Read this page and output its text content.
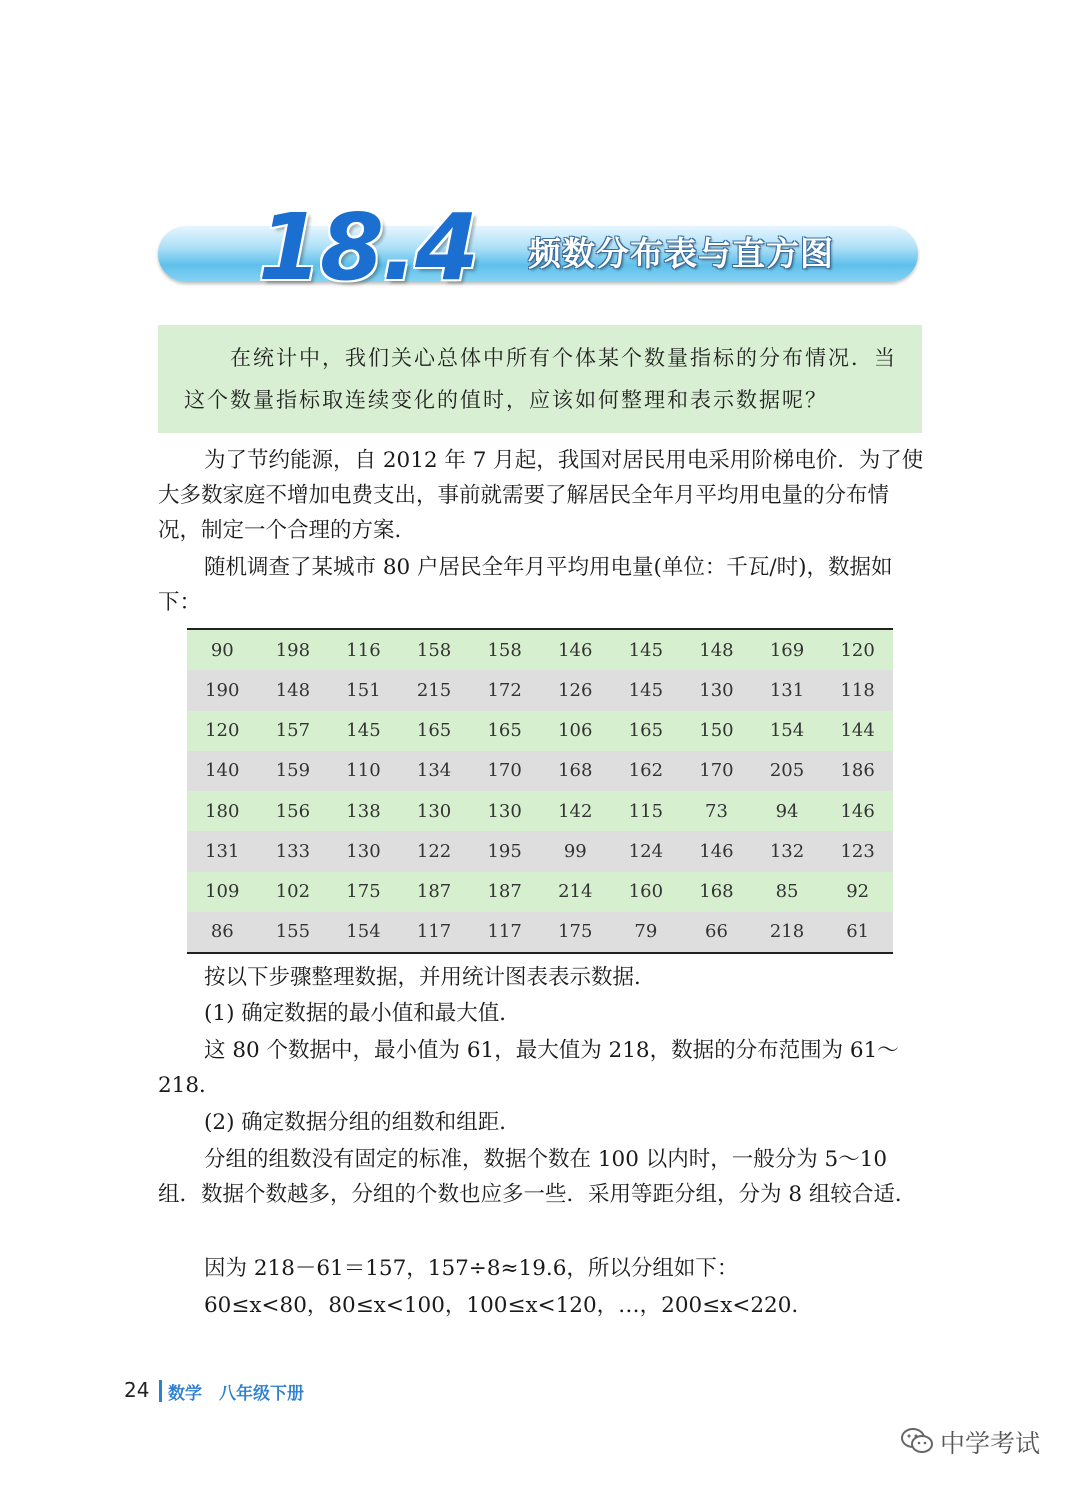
18.4 频数分布表与直方图

在统计中，我们关心总体中所有个体某个数量指标的分布情况．当

这个数量指标取连续变化的值时，应该如何整理和表示数据呢？

为了节约能源，自 2012 年 7 月起，我国对居民用电采用阶梯电价．为了使大多数家庭不增加电费支出，事前就需要了解居民全年月平均用电量的分布情况，制定一个合理的方案．

随机调查了某城市 80 户居民全年月平均用电量(单位：千瓦/时)，数据如下：

90	198	116	158	158	146	145	148	169	120
190	148	151	215	172	126	145	130	131	118
120	157	145	165	165	106	165	150	154	144
140	159	110	134	170	168	162	170	205	186
180	156	138	130	130	142	115	73	94	146
131	133	130	122	195	99	124	146	132	123
109	102	175	187	187	214	160	168	85	92
86	155	154	117	117	175	79	66	218	61

按以下步骤整理数据，并用统计图表表示数据．

(1) 确定数据的最小值和最大值．

这 80 个数据中，最小值为 61，最大值为 218，数据的分布范围为 61～218．

(2) 确定数据分组的组数和组距．

分组的组数没有固定的标准，数据个数在 100 以内时，一般分为 5～10 组．数据个数越多，分组的个数也应多一些．采用等距分组，分为 8 组较合适．

因为 218－61＝157，157÷8≈19.6，所以分组如下：

60≤x<80，80≤x<100，100≤x<120，…，200≤x<220.

24 数学　八年级下册
中学考试
